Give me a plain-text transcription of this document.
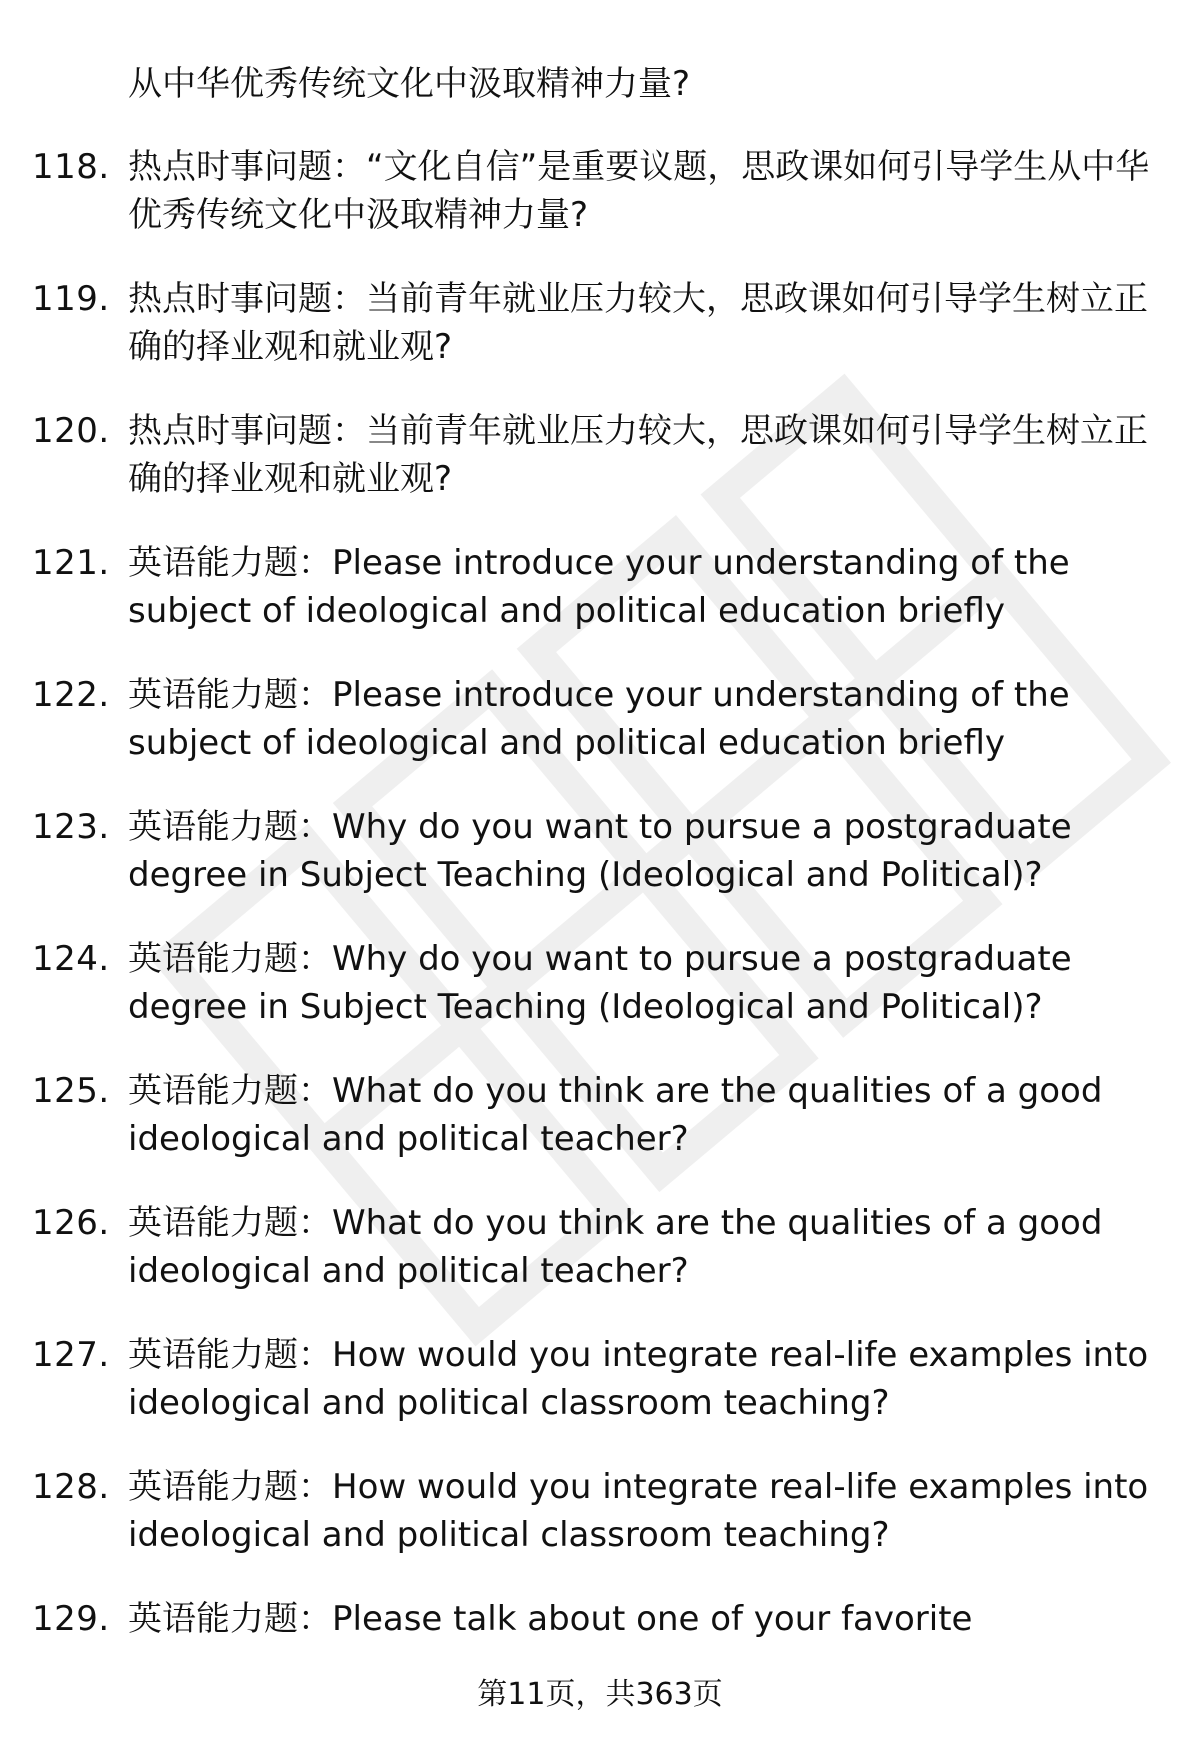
从中华优秀传统文化中汲取精神力量?
118. 热点时事问题：“文化自信”是重要议题，思政课如何引导学生从中华优秀传统文化中汲取精神力量?
119. 热点时事问题：当前青年就业压力较大，思政课如何引导学生树立正确的择业观和就业观?
120. 热点时事问题：当前青年就业压力较大，思政课如何引导学生树立正确的择业观和就业观?
121. 英语能力题：Please introduce your understanding of the subject of ideological and political education briefly
122. 英语能力题：Please introduce your understanding of the subject of ideological and political education briefly
123. 英语能力题：Why do you want to pursue a postgraduate degree in Subject Teaching (Ideological and Political)?
124. 英语能力题：Why do you want to pursue a postgraduate degree in Subject Teaching (Ideological and Political)?
125. 英语能力题：What do you think are the qualities of a good ideological and political teacher?
126. 英语能力题：What do you think are the qualities of a good ideological and political teacher?
127. 英语能力题：How would you integrate real-life examples into ideological and political classroom teaching?
128. 英语能力题：How would you integrate real-life examples into ideological and political classroom teaching?
129. 英语能力题：Please talk about one of your favorite
第11页，共363页
